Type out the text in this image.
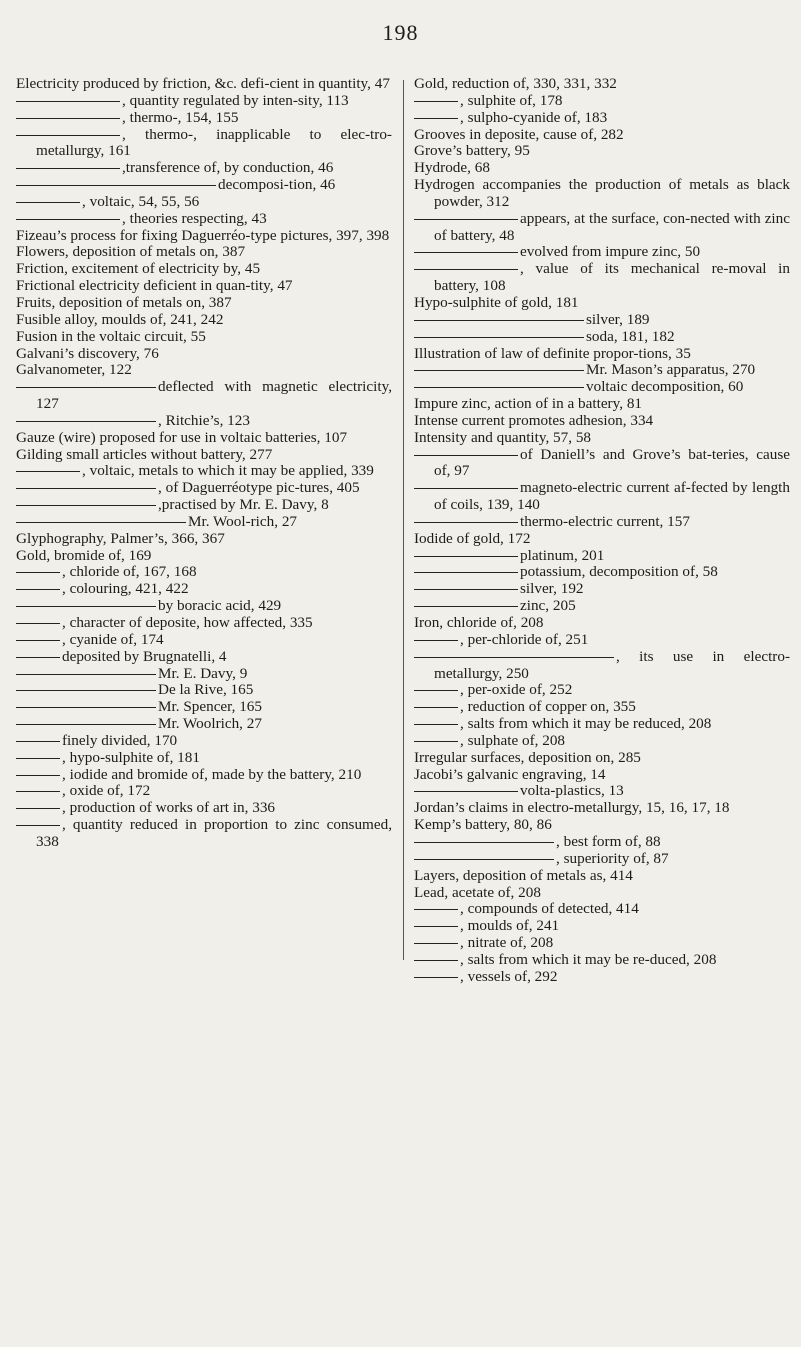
198

Electricity produced by friction, &c. defi-cient in quantity, 47

, quantity regulated by inten-sity, 113

, thermo-, 154, 155

, thermo-, inapplicable to elec-tro-metallurgy, 161

,transference of, by conduction, 46

decomposi-tion, 46

, voltaic, 54, 55, 56

, theories respecting, 43

Fizeau’s process for fixing Daguerréo-type pictures, 397, 398

Flowers, deposition of metals on, 387

Friction, excitement of electricity by, 45

Frictional electricity deficient in quan-tity, 47

Fruits, deposition of metals on, 387

Fusible alloy, moulds of, 241, 242

Fusion in the voltaic circuit, 55

Galvani’s discovery, 76

Galvanometer, 122

deflected with magnetic electricity, 127

, Ritchie’s, 123

Gauze (wire) proposed for use in voltaic batteries, 107

Gilding small articles without battery, 277

, voltaic, metals to which it may be applied, 339

, of Daguerréotype pic-tures, 405

,practised by Mr. E. Davy, 8

Mr. Wool-rich, 27

Glyphography, Palmer’s, 366, 367

Gold, bromide of, 169

, chloride of, 167, 168

, colouring, 421, 422

by boracic acid, 429

, character of deposite, how affected, 335

, cyanide of, 174

deposited by Brugnatelli, 4

Mr. E. Davy, 9

De la Rive, 165

Mr. Spencer, 165

Mr. Woolrich, 27

finely divided, 170

, hypo-sulphite of, 181

, iodide and bromide of, made by the battery, 210

, oxide of, 172

, production of works of art in, 336

, quantity reduced in proportion to zinc consumed, 338

Gold, reduction of, 330, 331, 332

, sulphite of, 178

, sulpho-cyanide of, 183

Grooves in deposite, cause of, 282

Grove’s battery, 95

Hydrode, 68

Hydrogen accompanies the production of metals as black powder, 312

appears, at the surface, con-nected with zinc of battery, 48

evolved from impure zinc, 50

, value of its mechanical re-moval in battery, 108

Hypo-sulphite of gold, 181

silver, 189

soda, 181, 182

Illustration of law of definite propor-tions, 35

Mr. Mason’s apparatus, 270

voltaic decomposition, 60

Impure zinc, action of in a battery, 81

Intense current promotes adhesion, 334

Intensity and quantity, 57, 58

of Daniell’s and Grove’s bat-teries, cause of, 97

magneto-electric current af-fected by length of coils, 139, 140

thermo-electric current, 157

Iodide of gold, 172

platinum, 201

potassium, decomposition of, 58

silver, 192

zinc, 205

Iron, chloride of, 208

, per-chloride of, 251

, its use in electro-metallurgy, 250

, per-oxide of, 252

, reduction of copper on, 355

, salts from which it may be reduced, 208

, sulphate of, 208

Irregular surfaces, deposition on, 285

Jacobi’s galvanic engraving, 14

volta-plastics, 13

Jordan’s claims in electro-metallurgy, 15, 16, 17, 18

Kemp’s battery, 80, 86

, best form of, 88

, superiority of, 87

Layers, deposition of metals as, 414

Lead, acetate of, 208

, compounds of detected, 414

, moulds of, 241

, nitrate of, 208

, salts from which it may be re-duced, 208

, vessels of, 292
